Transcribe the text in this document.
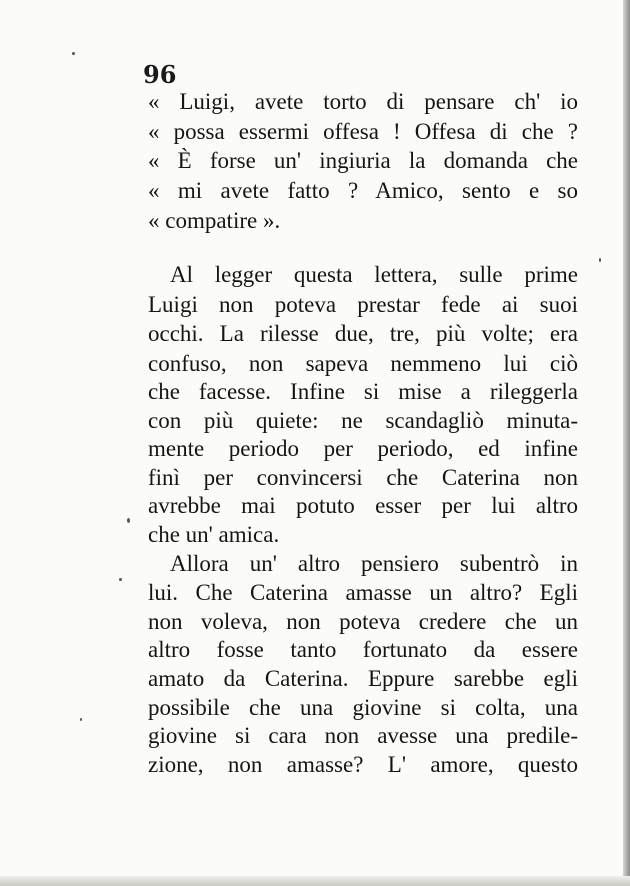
96
« Luigi, avete torto di pensare ch' io
« possa essermi offesa ! Offesa di che ?
« È forse un' ingiuria la domanda che
« mi avete fatto ? Amico, sento e so
« compatire ».
Al legger questa lettera, sulle prime
Luigi non poteva prestar fede ai suoi
occhi. La rilesse due, tre, più volte; era
confuso, non sapeva nemmeno lui ciò
che facesse. Infine si mise a rileggerla
con più quiete: ne scandagliò minuta-
mente periodo per periodo, ed infine
finì per convincersi che Caterina non
avrebbe mai potuto esser per lui altro
che un' amica.
Allora un' altro pensiero subentrò in
lui. Che Caterina amasse un altro? Egli
non voleva, non poteva credere che un
altro fosse tanto fortunato da essere
amato da Caterina. Eppure sarebbe egli
possibile che una giovine si colta, una
giovine si cara non avesse una predile-
zione, non amasse? L' amore, questo
